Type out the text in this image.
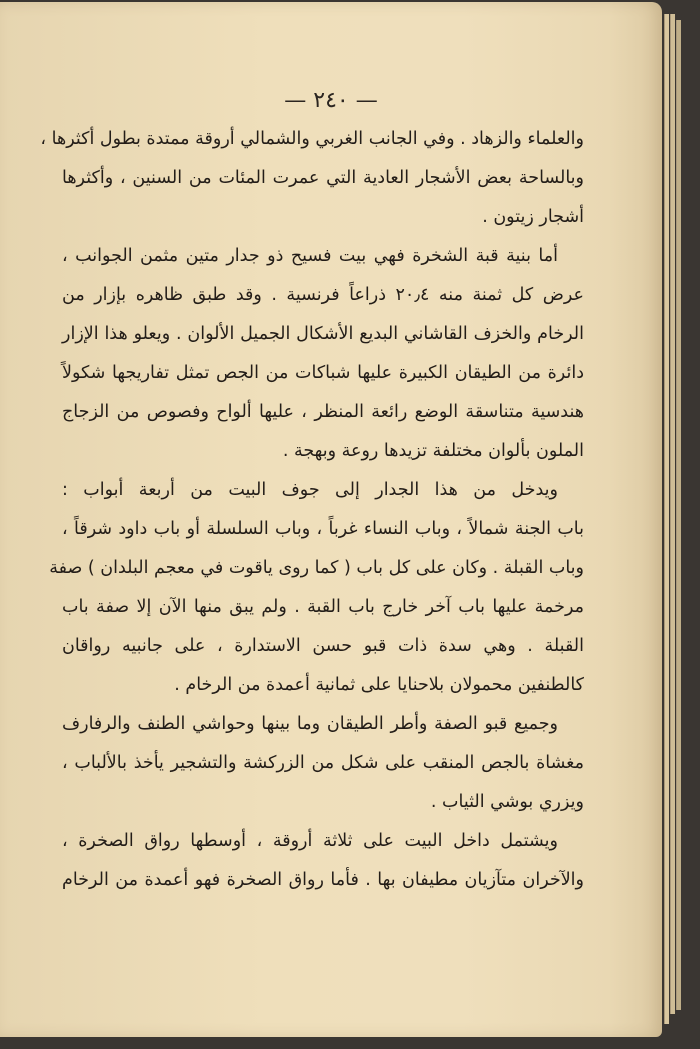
— ٢٤٠ —
والعلماء والزهاد . وفي الجانب الغربي والشمالي أروقة ممتدة بطول أكثرها ،
وبالساحة بعض الأشجار العادية التي عمرت المئات من السنين ، وأكثرها
أشجار زيتون .
أما بنية قبة الشخرة فهي بيت فسيح ذو جدار متين مثمن الجوانب ،
عرض كل ثمنة منه ٢٠٫٤ ذراعاً فرنسية . وقد طبق ظاهره بإزار من
الرخام والخزف القاشاني البديع الأشكال الجميل الألوان . ويعلو هذا الإزار
دائرة من الطيقان الكبيرة عليها شباكات من الجص تمثل تفاريجها شكولاً
هندسية متناسقة الوضع رائعة المنظر ، عليها ألواح وفصوص من الزجاج
الملون بألوان مختلفة تزيدها روعة وبهجة .
ويدخل من هذا الجدار إلى جوف البيت من أربعة أبواب :
باب الجنة شمالاً ، وباب النساء غرباً ، وباب السلسلة أو باب داود شرقاً ،
وباب القبلة . وكان على كل باب ( كما روى ياقوت في معجم البلدان ) صفة
مرخمة عليها باب آخر خارج باب القبة . ولم يبق منها الآن إلا صفة باب
القبلة . وهي سدة ذات قبو حسن الاستدارة ، على جانبيه رواقان
كالطنفين محمولان بلاحنايا على ثمانية أعمدة من الرخام .
وجميع قبو الصفة وأطر الطيقان وما بينها وحواشي الطنف والرفارف
مغشاة بالجص المنقب على شكل من الزركشة والتشجير يأخذ بالألباب ،
ويزري بوشي الثياب .
ويشتمل داخل البيت على ثلاثة أروقة ، أوسطها رواق الصخرة ،
والآخران متآزيان مطيفان بها . فأما رواق الصخرة فهو أعمدة من الرخام
